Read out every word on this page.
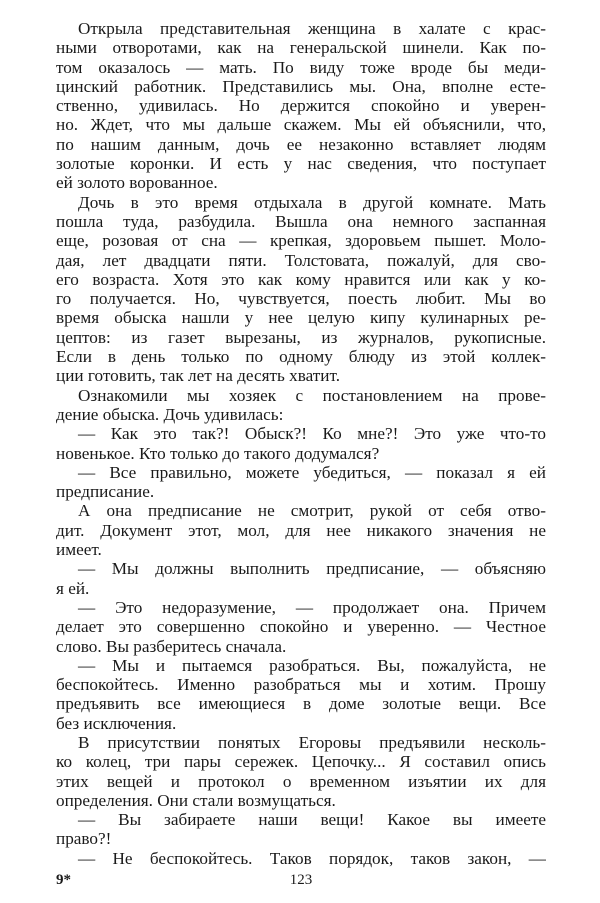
Открыла представительная женщина в халате с крас-
ными отворотами, как на генеральской шинели. Как по-
том оказалось — мать. По виду тоже вроде бы меди-
цинский работник. Представились мы. Она, вполне есте-
ственно, удивилась. Но держится спокойно и уверен-
но. Ждет, что мы дальше скажем. Мы ей объяснили, что,
по нашим данным, дочь ее незаконно вставляет людям
золотые коронки. И есть у нас сведения, что поступает
ей золото ворованное.
Дочь в это время отдыхала в другой комнате. Мать
пошла туда, разбудила. Вышла она немного заспанная
еще, розовая от сна — крепкая, здоровьем пышет. Моло-
дая, лет двадцати пяти. Толстовата, пожалуй, для сво-
его возраста. Хотя это как кому нравится или как у ко-
го получается. Но, чувствуется, поесть любит. Мы во
время обыска нашли у нее целую кипу кулинарных ре-
цептов: из газет вырезаны, из журналов, рукописные.
Если в день только по одному блюду из этой коллек-
ции готовить, так лет на десять хватит.
Ознакомили мы хозяек с постановлением на прове-
дение обыска. Дочь удивилась:
— Как это так?! Обыск?! Ко мне?! Это уже что-то
новенькое. Кто только до такого додумался?
— Все правильно, можете убедиться, — показал я ей
предписание.
А она предписание не смотрит, рукой от себя отво-
дит. Документ этот, мол, для нее никакого значения не
имеет.
— Мы должны выполнить предписание, — объясняю
я ей.
— Это недоразумение, — продолжает она. Причем
делает это совершенно спокойно и уверенно. — Честное
слово. Вы разберитесь сначала.
— Мы и пытаемся разобраться. Вы, пожалуйста, не
беспокойтесь. Именно разобраться мы и хотим. Прошу
предъявить все имеющиеся в доме золотые вещи. Все
без исключения.
В присутствии понятых Егоровы предъявили несколь-
ко колец, три пары сережек. Цепочку... Я составил опись
этих вещей и протокол о временном изъятии их для
определения. Они стали возмущаться.
— Вы забираете наши вещи! Какое вы имеете
право?!
— Не беспокойтесь. Таков порядок, таков закон, —
9*	123
